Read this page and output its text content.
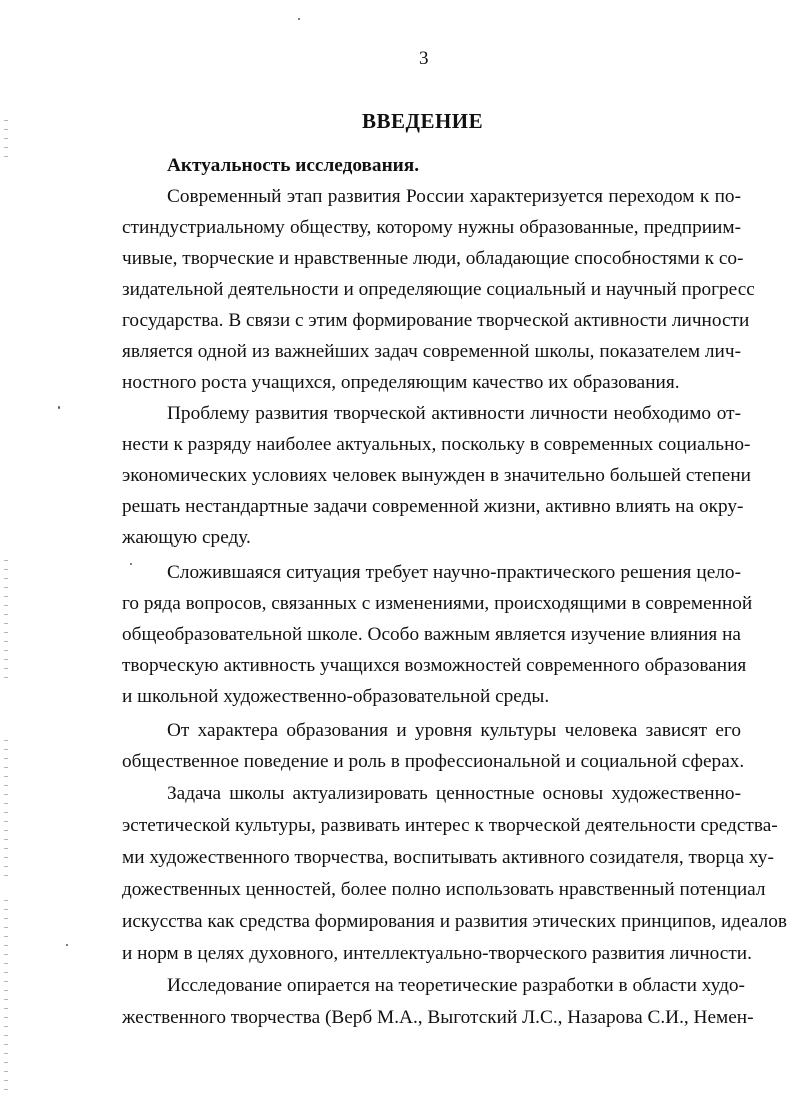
3
ВВЕДЕНИЕ
Актуальность исследования.
Современный этап развития России характеризуется переходом к по-
стиндустриальному обществу, которому нужны образованные, предприим-
чивые, творческие и нравственные люди, обладающие способностями к со-
зидательной деятельности и определяющие социальный и научный прогресс
государства. В связи с этим формирование творческой активности личности
является одной из важнейших задач современной школы, показателем лич-
ностного роста учащихся, определяющим качество их образования.
Проблему развития творческой активности личности необходимо от-
нести к разряду наиболее актуальных, поскольку в современных социально-
экономических условиях человек вынужден в значительно большей степени
решать нестандартные задачи современной жизни, активно влиять на окру-
жающую среду.
Сложившаяся ситуация требует научно-практического решения цело-
го ряда вопросов, связанных с изменениями, происходящими в современной
общеобразовательной школе. Особо важным является изучение влияния на
творческую активность учащихся возможностей современного образования
и школьной художественно-образовательной среды.
От характера образования и уровня культуры человека зависят его
общественное поведение и роль в профессиональной и социальной сферах.
Задача школы актуализировать ценностные основы художественно-
эстетической культуры, развивать интерес к творческой деятельности средства-
ми художественного творчества, воспитывать активного созидателя, творца ху-
дожественных ценностей, более полно использовать нравственный потенциал
искусства как средства формирования и развития этических принципов, идеалов
и норм в целях духовного, интеллектуально-творческого развития личности.
Исследование опирается на теоретические разработки в области худо-
жественного творчества (Верб М.А., Выготский Л.С., Назарова С.И., Немен-
